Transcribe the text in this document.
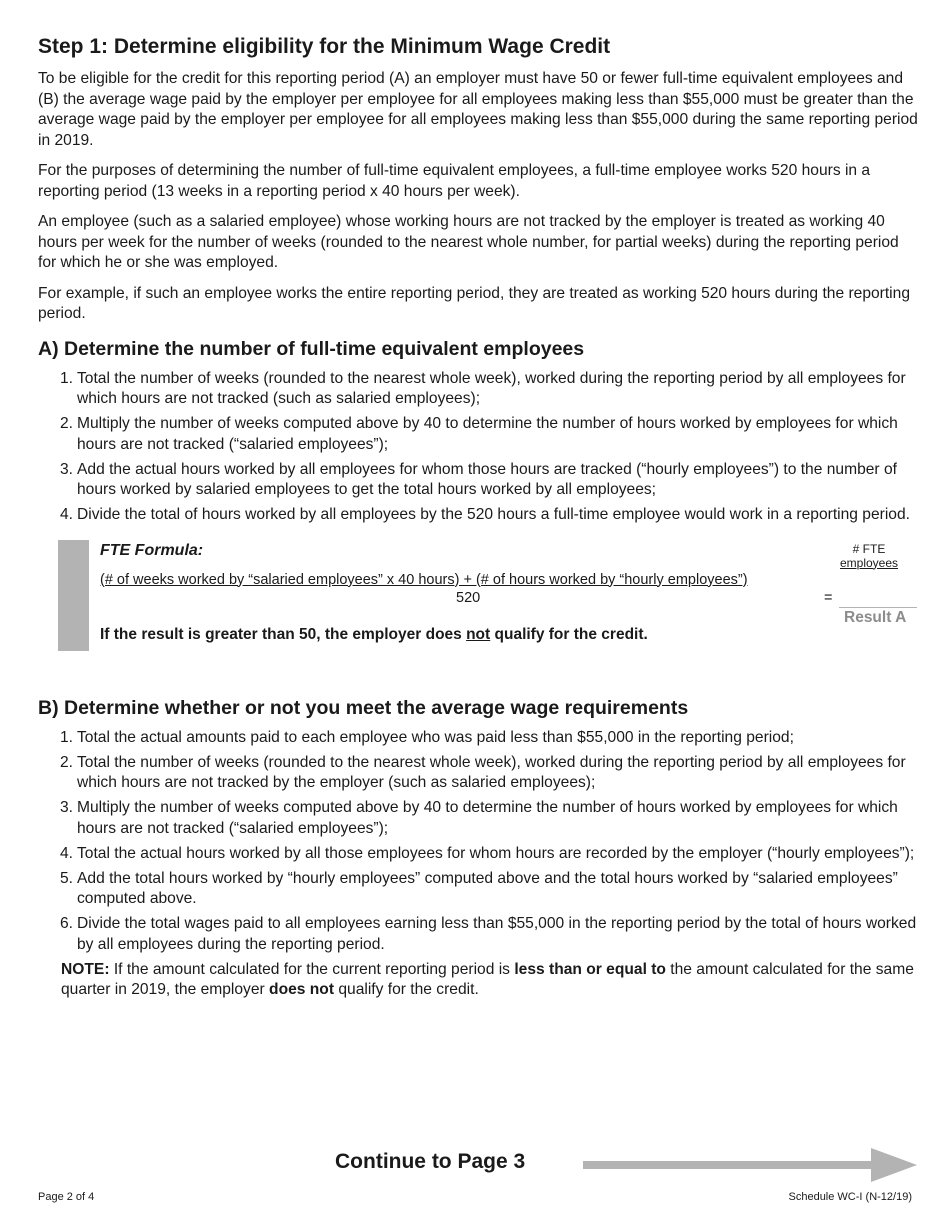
Step 1: Determine eligibility for the Minimum Wage Credit

To be eligible for the credit for this reporting period (A) an employer must have 50 or fewer full-time equivalent employees and (B) the average wage paid by the employer per employee for all employees making less than $55,000 must be greater than the average wage paid by the employer per employee for all employees making less than $55,000 during the same reporting period in 2019.

For the purposes of determining the number of full-time equivalent employees, a full-time employee works 520 hours in a reporting period (13 weeks in a reporting period x 40 hours per week).

An employee (such as a salaried employee) whose working hours are not tracked by the employer is treated as working 40 hours per week for the number of weeks (rounded to the nearest whole number, for partial weeks) during the reporting period for which he or she was employed.

For example, if such an employee works the entire reporting period, they are treated as working 520 hours during the reporting period.

A) Determine the number of full-time equivalent employees
1. Total the number of weeks (rounded to the nearest whole week), worked during the reporting period by all employees for which hours are not tracked (such as salaried employees);
2. Multiply the number of weeks computed above by 40 to determine the number of hours worked by employees for which hours are not tracked (“salaried employees”);
3. Add the actual hours worked by all employees for whom those hours are tracked (“hourly employees”) to the number of hours worked by salaried employees to get the total hours worked by all employees;
4. Divide the total of hours worked by all employees by the 520 hours a full-time employee would work in a reporting period.
FTE Formula:
(# of weeks worked by “salaried employees” x 40 hours) + (# of hours worked by “hourly employees”)
520	=
# FTE
employees
Result A
If the result is greater than 50, the employer does not qualify for the credit.
B) Determine whether or not you meet the average wage requirements
1. Total the actual amounts paid to each employee who was paid less than $55,000 in the reporting period;
2. Total the number of weeks (rounded to the nearest whole week), worked during the reporting period by all employees for which hours are not tracked by the employer (such as salaried employees);
3. Multiply the number of weeks computed above by 40 to determine the number of hours worked by employees for which hours are not tracked (“salaried employees”);
4. Total the actual hours worked by all those employees for whom hours are recorded by the employer (“hourly employees”);
5. Add the total hours worked by “hourly employees” computed above and the total hours worked by “salaried employees” computed above.
6. Divide the total wages paid to all employees earning less than $55,000 in the reporting period by the total of hours worked by all employees during the reporting period.

NOTE: If the amount calculated for the current reporting period is less than or equal to the amount calculated for the same quarter in 2019, the employer does not qualify for the credit.

Continue to Page 3
Page 2 of 4	Schedule WC-I (N-12/19)
